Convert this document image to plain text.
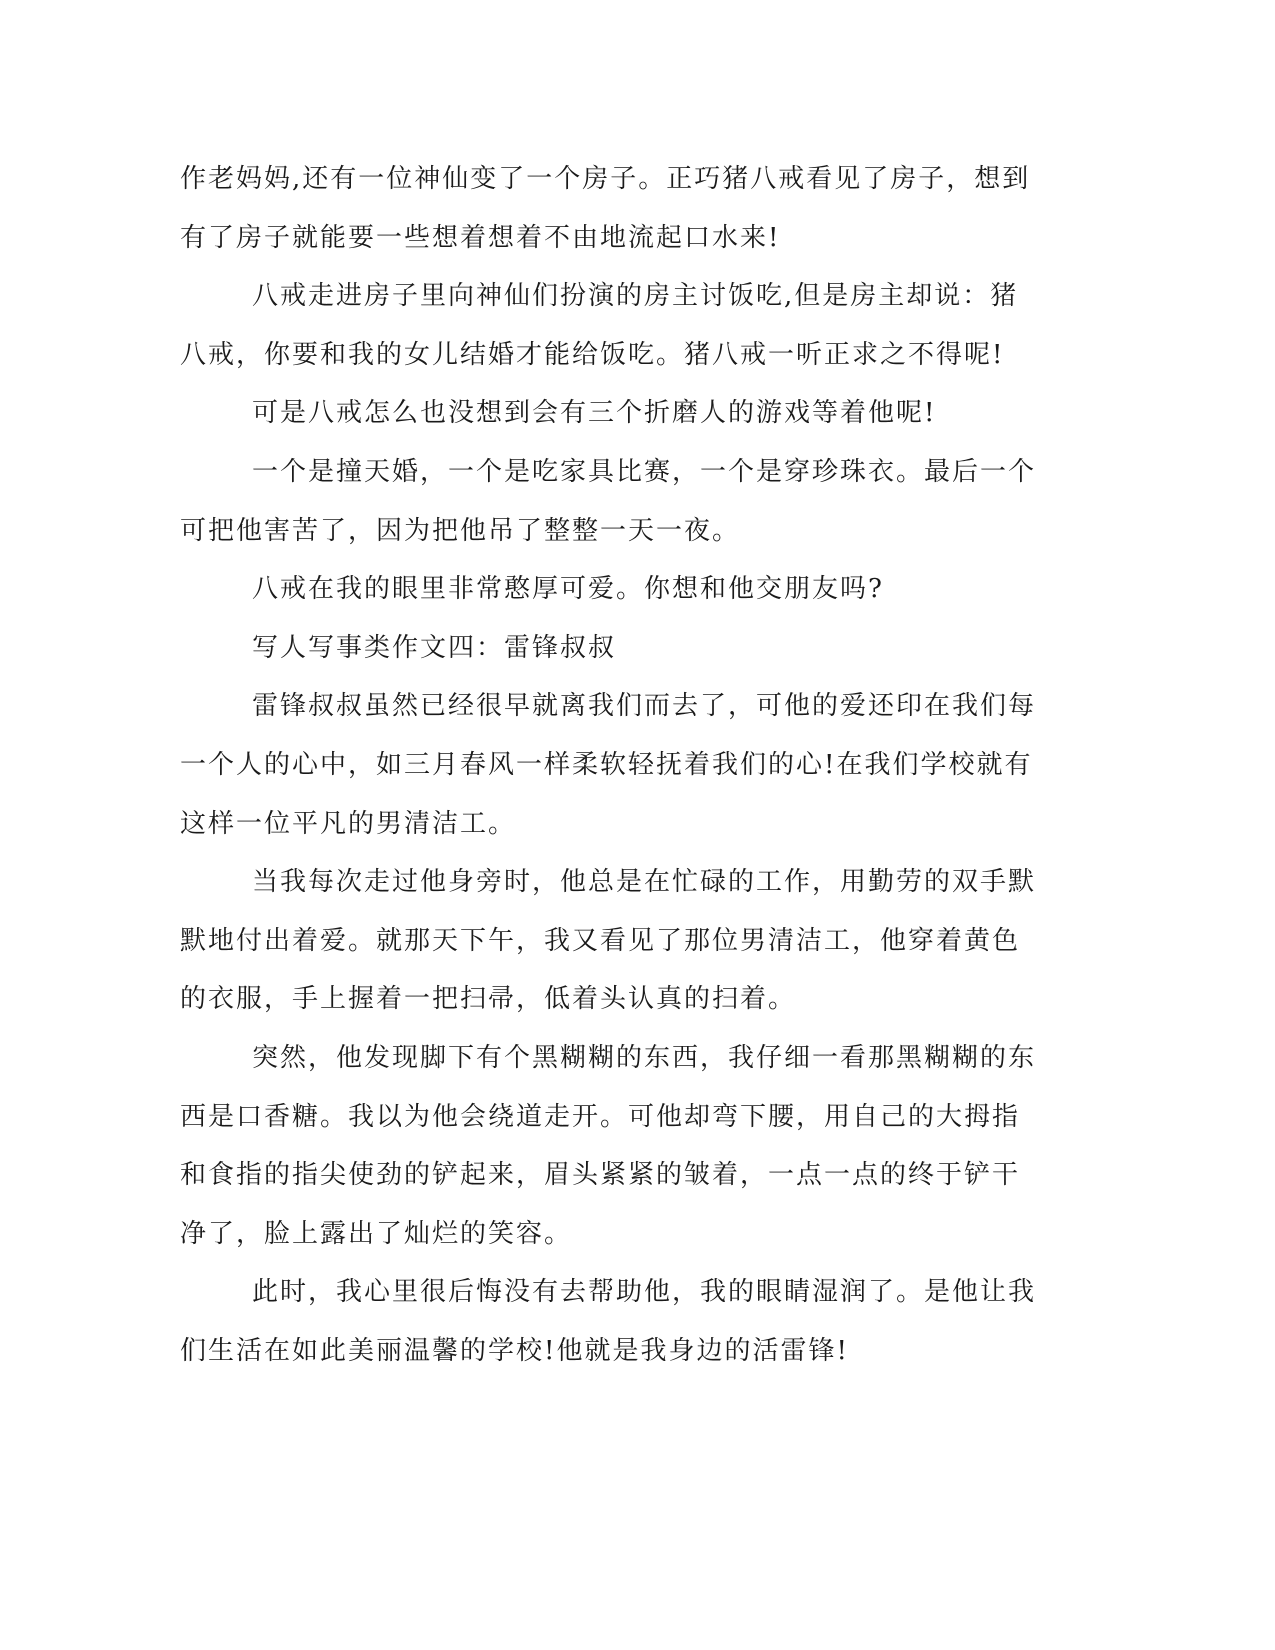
作老妈妈,还有一位神仙变了一个房子。正巧猪八戒看见了房子，想到有了房子就能要一些想着想着不由地流起口水来!

八戒走进房子里向神仙们扮演的房主讨饭吃,但是房主却说：猪八戒，你要和我的女儿结婚才能给饭吃。猪八戒一听正求之不得呢!

可是八戒怎么也没想到会有三个折磨人的游戏等着他呢!

一个是撞天婚，一个是吃家具比赛，一个是穿珍珠衣。最后一个可把他害苦了，因为把他吊了整整一天一夜。

八戒在我的眼里非常憨厚可爱。你想和他交朋友吗?

写人写事类作文四：雷锋叔叔

雷锋叔叔虽然已经很早就离我们而去了，可他的爱还印在我们每一个人的心中，如三月春风一样柔软轻抚着我们的心!在我们学校就有这样一位平凡的男清洁工。

当我每次走过他身旁时，他总是在忙碌的工作，用勤劳的双手默默地付出着爱。就那天下午，我又看见了那位男清洁工，他穿着黄色的衣服，手上握着一把扫帚，低着头认真的扫着。

突然，他发现脚下有个黑糊糊的东西，我仔细一看那黑糊糊的东西是口香糖。我以为他会绕道走开。可他却弯下腰，用自己的大拇指和食指的指尖使劲的铲起来，眉头紧紧的皱着，一点一点的终于铲干净了，脸上露出了灿烂的笑容。

此时，我心里很后悔没有去帮助他，我的眼睛湿润了。是他让我们生活在如此美丽温馨的学校!他就是我身边的活雷锋!
